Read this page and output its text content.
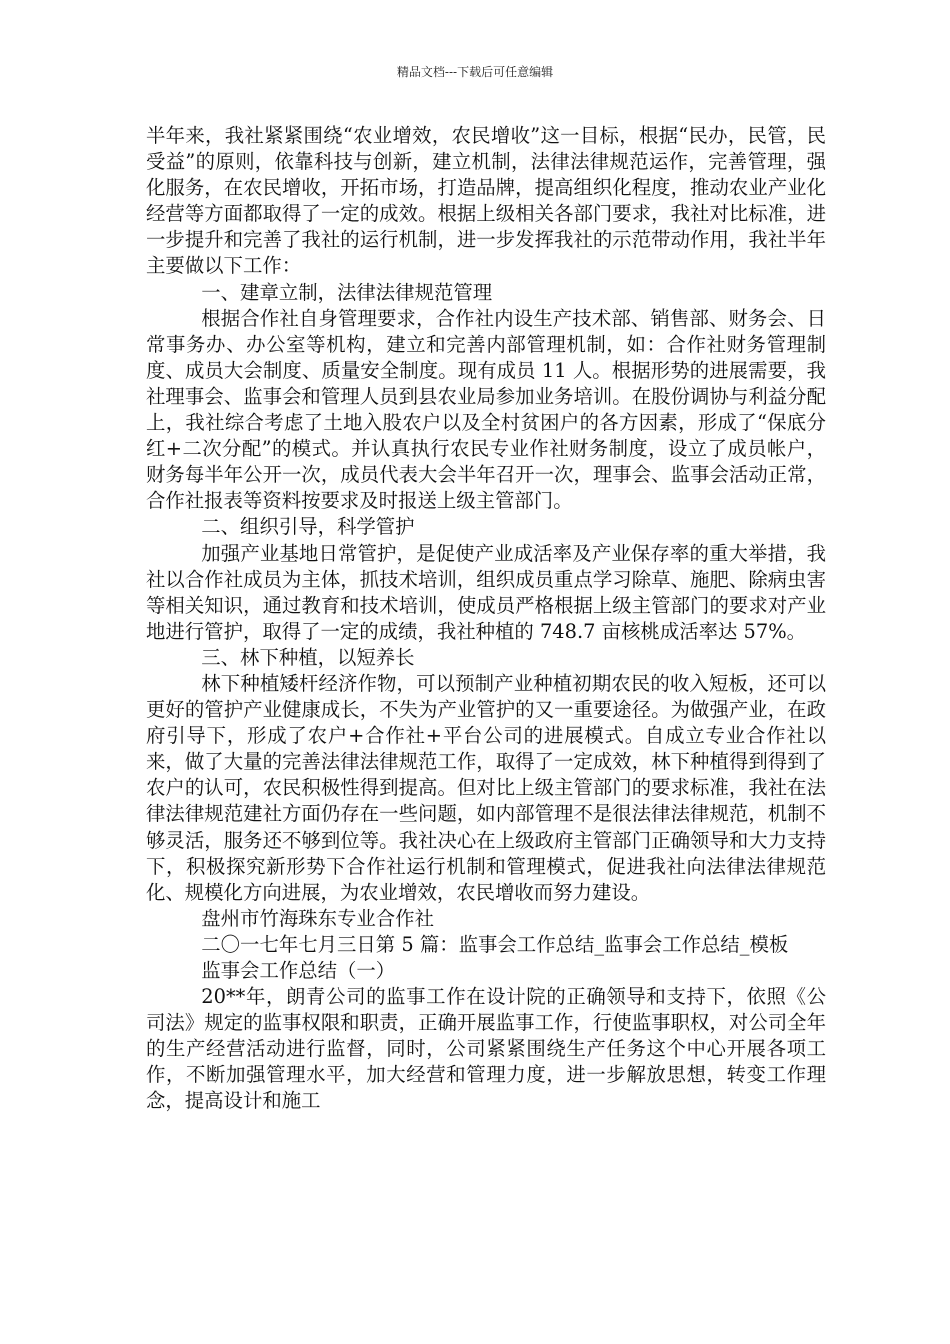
精品文档---下载后可任意编辑

半年来，我社紧紧围绕“农业增效，农民增收”这一目标，根据“民办，民管，民受益”的原则，依靠科技与创新，建立机制，法律法律规范运作，完善管理，强化服务，在农民增收，开拓市场，打造品牌，提高组织化程度，推动农业产业化经营等方面都取得了一定的成效。根据上级相关各部门要求，我社对比标准，进一步提升和完善了我社的运行机制，进一步发挥我社的示范带动作用，我社半年主要做以下工作：

一、建章立制，法律法律规范管理

根据合作社自身管理要求，合作社内设生产技术部、销售部、财务会、日常事务办、办公室等机构，建立和完善内部管理机制，如：合作社财务管理制度、成员大会制度、质量安全制度。现有成员 11 人。根据形势的进展需要，我社理事会、监事会和管理人员到县农业局参加业务培训。在股份调协与利益分配上，我社综合考虑了土地入股农户以及全村贫困户的各方因素，形成了“保底分红+二次分配”的模式。并认真执行农民专业作社财务制度，设立了成员帐户，财务每半年公开一次，成员代表大会半年召开一次，理事会、监事会活动正常，合作社报表等资料按要求及时报送上级主管部门。

二、组织引导，科学管护

加强产业基地日常管护，是促使产业成活率及产业保存率的重大举措，我社以合作社成员为主体，抓技术培训，组织成员重点学习除草、施肥、除病虫害等相关知识，通过教育和技术培训，使成员严格根据上级主管部门的要求对产业地进行管护，取得了一定的成绩，我社种植的 748.7 亩核桃成活率达 57%。

三、林下种植，以短养长

林下种植矮杆经济作物，可以预制产业种植初期农民的收入短板，还可以更好的管护产业健康成长，不失为产业管护的又一重要途径。为做强产业，在政府引导下，形成了农户+合作社+平台公司的进展模式。自成立专业合作社以来，做了大量的完善法律法律规范工作，取得了一定成效，林下种植得到得到了农户的认可，农民积极性得到提高。但对比上级主管部门的要求标准，我社在法律法律规范建社方面仍存在一些问题，如内部管理不是很法律法律规范，机制不够灵活，服务还不够到位等。我社决心在上级政府主管部门正确领导和大力支持下，积极探究新形势下合作社运行机制和管理模式，促进我社向法律法律规范化、规模化方向进展，为农业增效，农民增收而努力建设。

盘州市竹海珠东专业合作社

二〇一七年七月三日第 5 篇：监事会工作总结_监事会工作总结_模板

监事会工作总结（一）

20**年，朗青公司的监事工作在设计院的正确领导和支持下，依照《公司法》规定的监事权限和职责，正确开展监事工作，行使监事职权，对公司全年的生产经营活动进行监督，同时，公司紧紧围绕生产任务这个中心开展各项工作，不断加强管理水平，加大经营和管理力度，进一步解放思想，转变工作理念，提高设计和施工
